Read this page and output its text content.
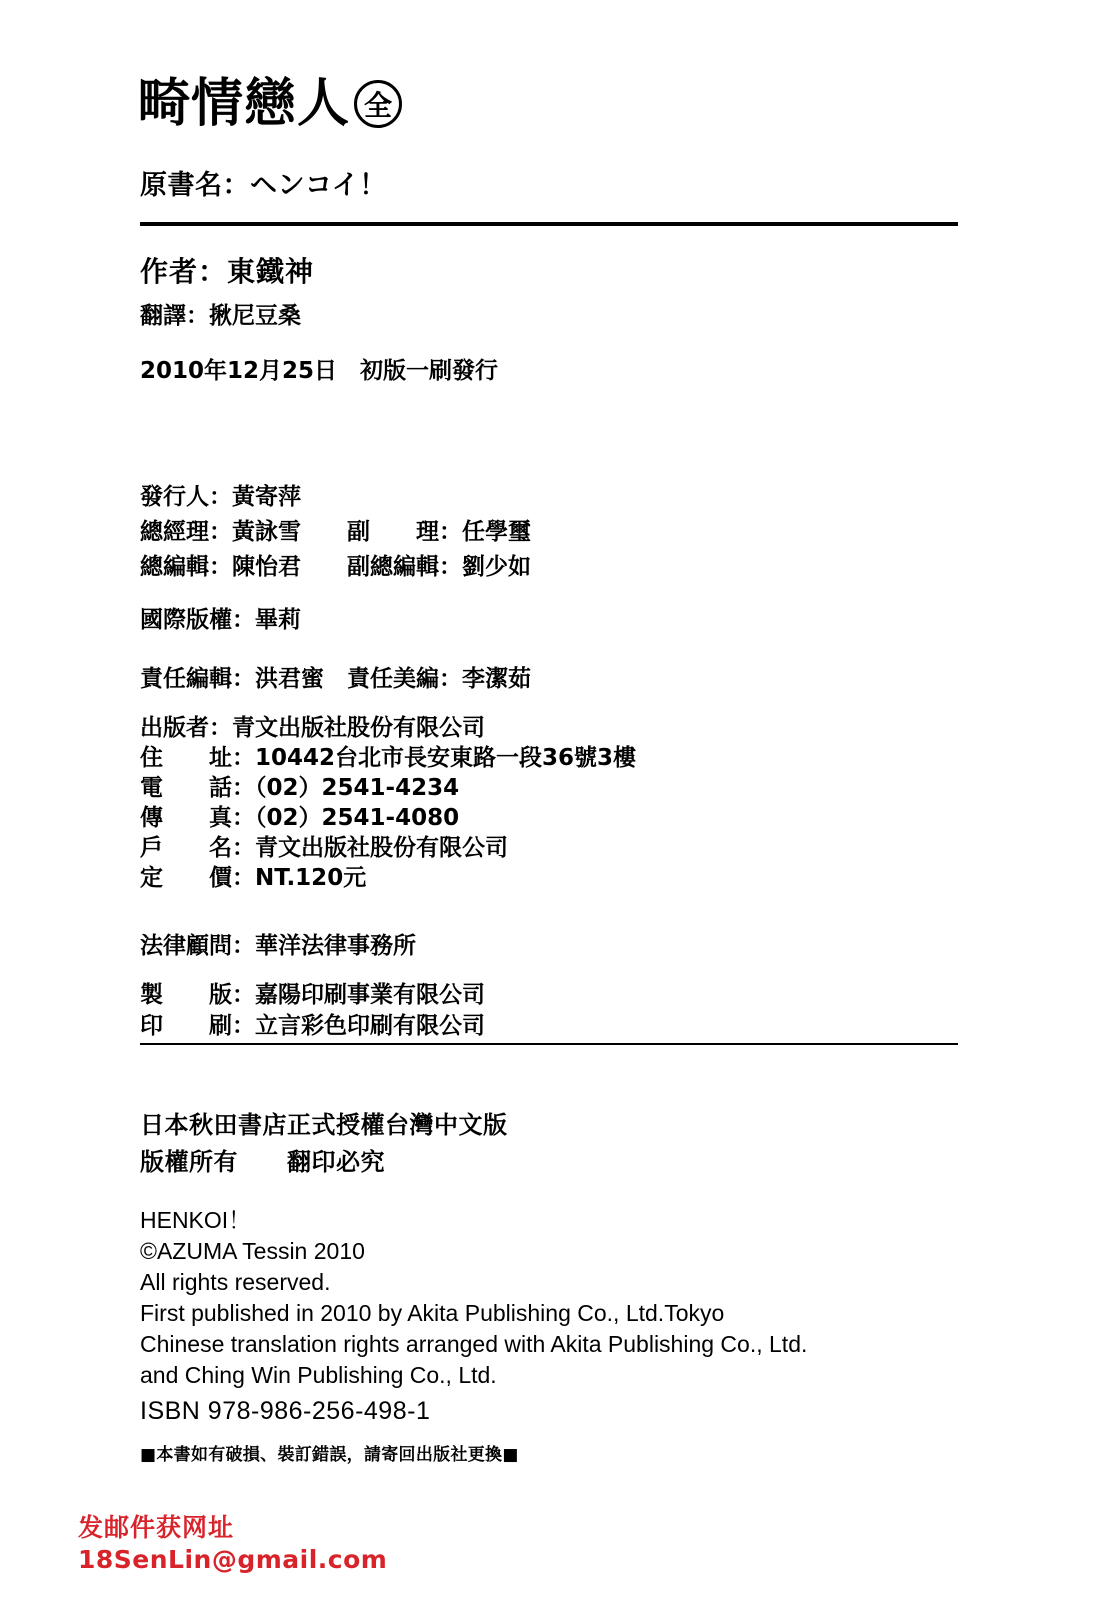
畸情戀人 全
原書名：ヘンコイ！
作者：東鐵神
翻譯：揪尼豆桑
2010年12月25日　初版一刷發行
發行人：黃寄萍
總經理：黃詠雪　　副　　理：任學璽
總編輯：陳怡君　　副總編輯：劉少如
國際版權：畢莉
責任編輯：洪君蜜　責任美編：李潔茹
出版者：青文出版社股份有限公司
住　　址：10442台北市長安東路一段36號3樓
電　　話：（02）2541-4234
傳　　真：（02）2541-4080
戶　　名：青文出版社股份有限公司
定　　價：NT.120元
法律顧問：華洋法律事務所
製　　版：嘉陽印刷事業有限公司
印　　刷：立言彩色印刷有限公司
日本秋田書店正式授權台灣中文版
版權所有　　翻印必究
HENKOI！
©AZUMA Tessin 2010
All rights reserved.
First published in 2010 by Akita Publishing Co., Ltd.Tokyo
Chinese translation rights arranged with Akita Publishing Co., Ltd.
and Ching Win Publishing Co., Ltd.
ISBN 978-986-256-498-1
■本書如有破損、裝訂錯誤，請寄回出版社更換■
发邮件获网址
18SenLin@gmail.com
